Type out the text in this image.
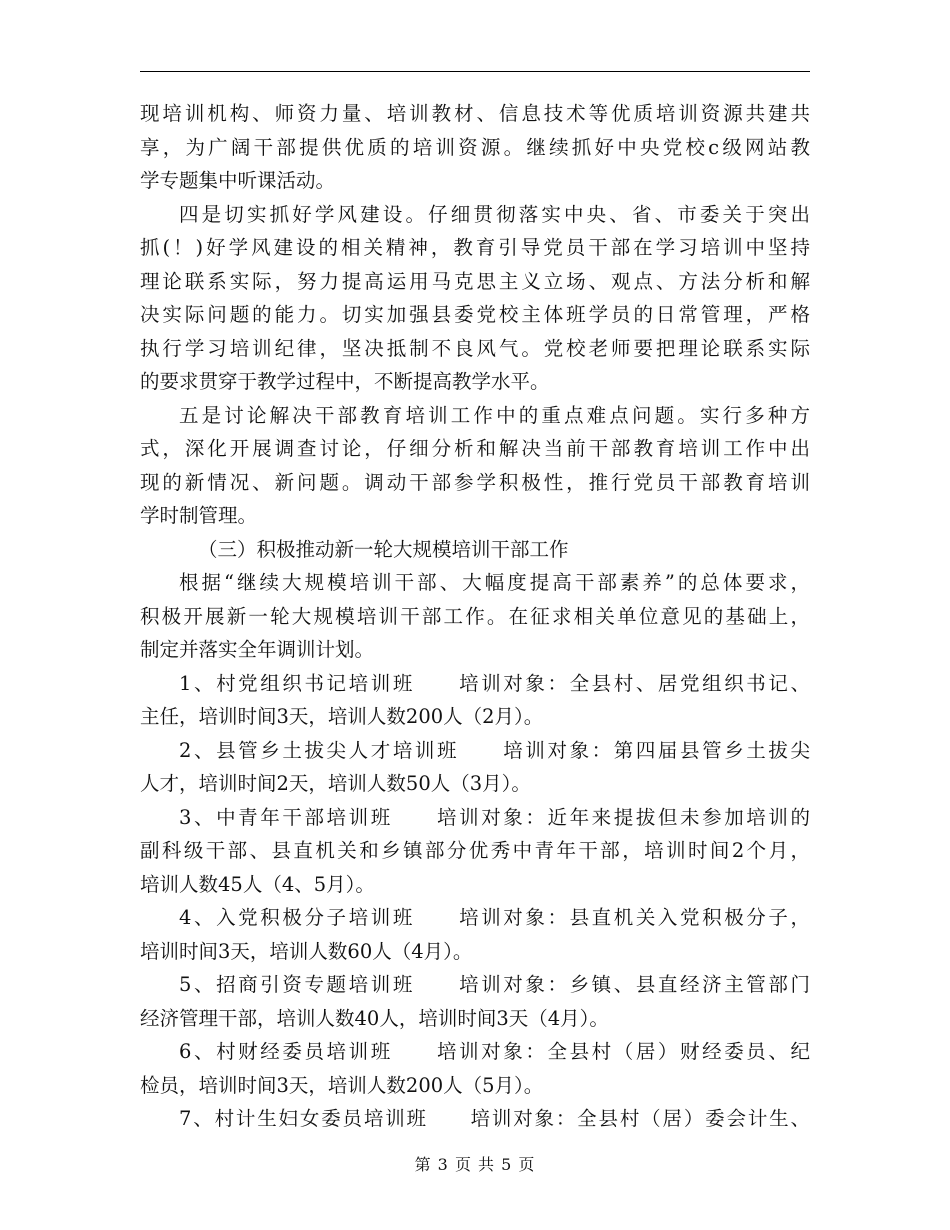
现培训机构、师资力量、培训教材、信息技术等优质培训资源共建共
享，为广阔干部提供优质的培训资源。继续抓好中央党校c级网站教
学专题集中听课活动。
四是切实抓好学风建设。仔细贯彻落实中央、省、市委关于突出
抓(！)好学风建设的相关精神，教育引导党员干部在学习培训中坚持
理论联系实际，努力提高运用马克思主义立场、观点、方法分析和解
决实际问题的能力。切实加强县委党校主体班学员的日常管理，严格
执行学习培训纪律，坚决抵制不良风气。党校老师要把理论联系实际
的要求贯穿于教学过程中，不断提高教学水平。
五是讨论解决干部教育培训工作中的重点难点问题。实行多种方
式，深化开展调查讨论，仔细分析和解决当前干部教育培训工作中出
现的新情况、新问题。调动干部参学积极性，推行党员干部教育培训
学时制管理。
（三）积极推动新一轮大规模培训干部工作
根据“继续大规模培训干部、大幅度提高干部素养”的总体要求，
积极开展新一轮大规模培训干部工作。在征求相关单位意见的基础上，
制定并落实全年调训计划。
1、村党组织书记培训班　　培训对象：全县村、居党组织书记、
主任，培训时间3天，培训人数200人（2月）。
2、县管乡土拔尖人才培训班　　培训对象：第四届县管乡土拔尖
人才，培训时间2天，培训人数50人（3月）。
3、中青年干部培训班　　培训对象：近年来提拔但未参加培训的
副科级干部、县直机关和乡镇部分优秀中青年干部，培训时间2个月，
培训人数45人（4、5月）。
4、入党积极分子培训班　　培训对象：县直机关入党积极分子，
培训时间3天，培训人数60人（4月）。
5、招商引资专题培训班　　培训对象：乡镇、县直经济主管部门
经济管理干部，培训人数40人，培训时间3天（4月）。
6、村财经委员培训班　　培训对象：全县村（居）财经委员、纪
检员，培训时间3天，培训人数200人（5月）。
7、村计生妇女委员培训班　　培训对象：全县村（居）委会计生、
第 3 页 共 5 页
